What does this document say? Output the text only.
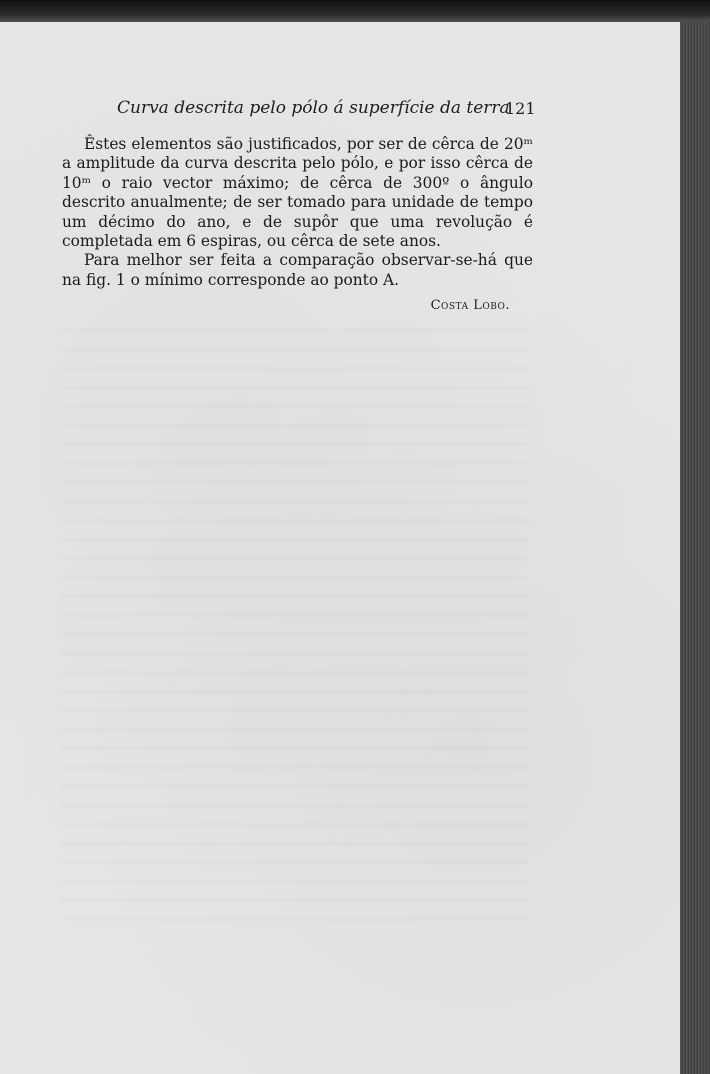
Curva descrita pelo pólo á superfície da terra
121

Êstes elementos são justificados, por ser de cêrca de 20ᵐ a amplitude da curva descrita pelo pólo, e por isso cêrca de 10ᵐ o raio vector máximo; de cêrca de 300º o ângulo descrito anualmente; de ser tomado para unidade de tempo um décimo do ano, e de supôr que uma revolução é completada em 6 espiras, ou cêrca de sete anos.

Para melhor ser feita a comparação observar-se-há que na fig. 1 o mínimo corresponde ao ponto A.

Costa Lobo.
